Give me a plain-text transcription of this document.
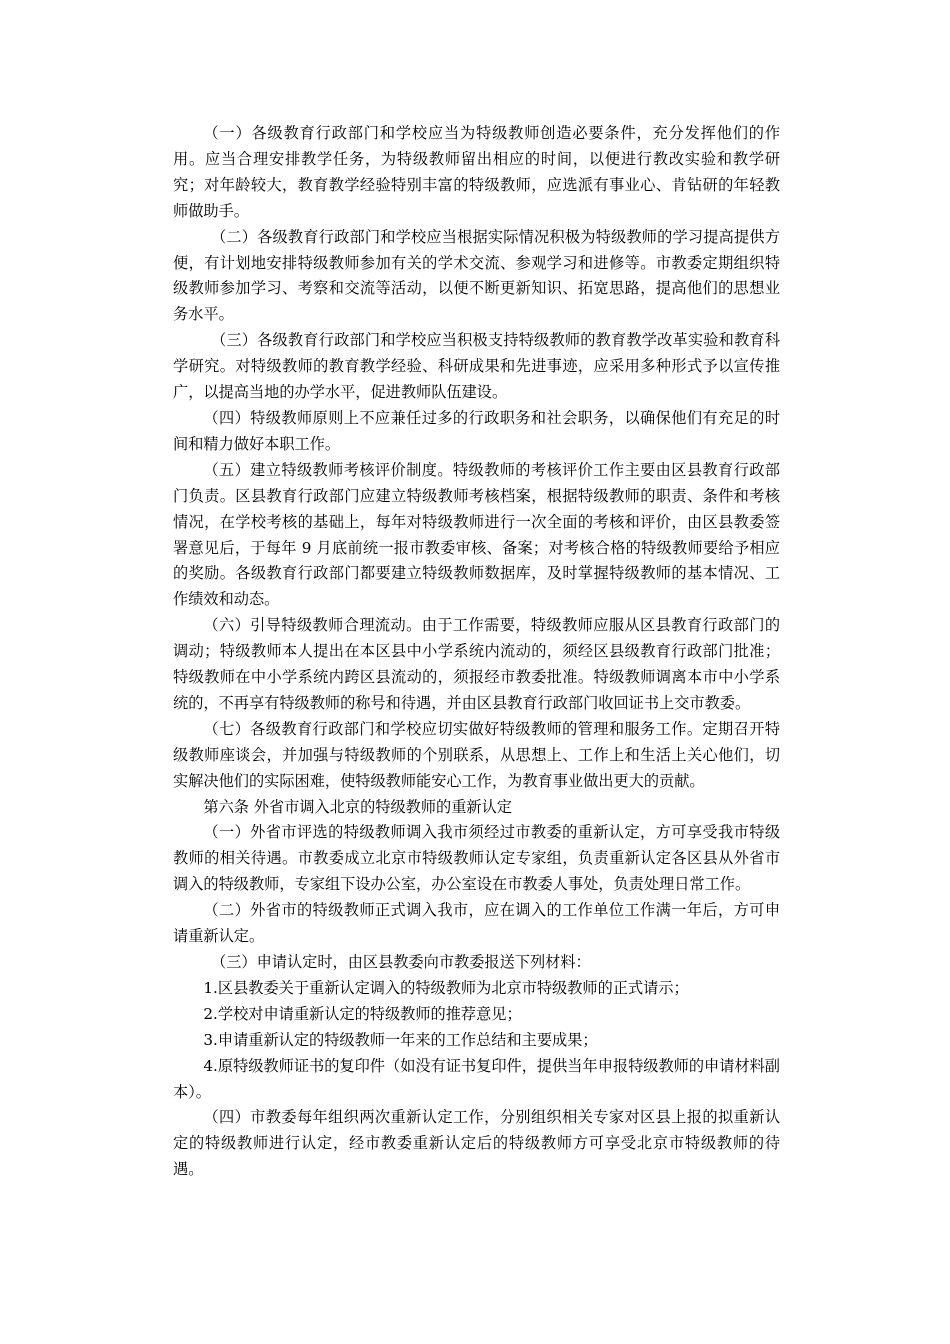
（一）各级教育行政部门和学校应当为特级教师创造必要条件，充分发挥他们的作用。应当合理安排教学任务，为特级教师留出相应的时间，以便进行教改实验和教学研究；对年龄较大，教育教学经验特别丰富的特级教师，应选派有事业心、肯钻研的年轻教师做助手。

（二）各级教育行政部门和学校应当根据实际情况积极为特级教师的学习提高提供方便，有计划地安排特级教师参加有关的学术交流、参观学习和进修等。市教委定期组织特级教师参加学习、考察和交流等活动，以便不断更新知识、拓宽思路，提高他们的思想业务水平。

（三）各级教育行政部门和学校应当积极支持特级教师的教育教学改革实验和教育科学研究。对特级教师的教育教学经验、科研成果和先进事迹，应采用多种形式予以宣传推广，以提高当地的办学水平，促进教师队伍建设。

（四）特级教师原则上不应兼任过多的行政职务和社会职务，以确保他们有充足的时间和精力做好本职工作。

（五）建立特级教师考核评价制度。特级教师的考核评价工作主要由区县教育行政部门负责。区县教育行政部门应建立特级教师考核档案，根据特级教师的职责、条件和考核情况，在学校考核的基础上，每年对特级教师进行一次全面的考核和评价，由区县教委签署意见后，于每年 9 月底前统一报市教委审核、备案；对考核合格的特级教师要给予相应的奖励。各级教育行政部门都要建立特级教师数据库，及时掌握特级教师的基本情况、工作绩效和动态。

（六）引导特级教师合理流动。由于工作需要，特级教师应服从区县教育行政部门的调动；特级教师本人提出在本区县中小学系统内流动的，须经区县级教育行政部门批准；特级教师在中小学系统内跨区县流动的，须报经市教委批准。特级教师调离本市中小学系统的，不再享有特级教师的称号和待遇，并由区县教育行政部门收回证书上交市教委。

（七）各级教育行政部门和学校应切实做好特级教师的管理和服务工作。定期召开特级教师座谈会，并加强与特级教师的个别联系，从思想上、工作上和生活上关心他们，切实解决他们的实际困难，使特级教师能安心工作，为教育事业做出更大的贡献。

第六条 外省市调入北京的特级教师的重新认定

（一）外省市评选的特级教师调入我市须经过市教委的重新认定，方可享受我市特级教师的相关待遇。市教委成立北京市特级教师认定专家组，负责重新认定各区县从外省市调入的特级教师，专家组下设办公室，办公室设在市教委人事处，负责处理日常工作。

（二）外省市的特级教师正式调入我市，应在调入的工作单位工作满一年后，方可申请重新认定。

（三）申请认定时，由区县教委向市教委报送下列材料：

1.区县教委关于重新认定调入的特级教师为北京市特级教师的正式请示；

2.学校对申请重新认定的特级教师的推荐意见；

3.申请重新认定的特级教师一年来的工作总结和主要成果；

4.原特级教师证书的复印件（如没有证书复印件，提供当年申报特级教师的申请材料副本）。

（四）市教委每年组织两次重新认定工作，分别组织相关专家对区县上报的拟重新认定的特级教师进行认定，经市教委重新认定后的特级教师方可享受北京市特级教师的待遇。
